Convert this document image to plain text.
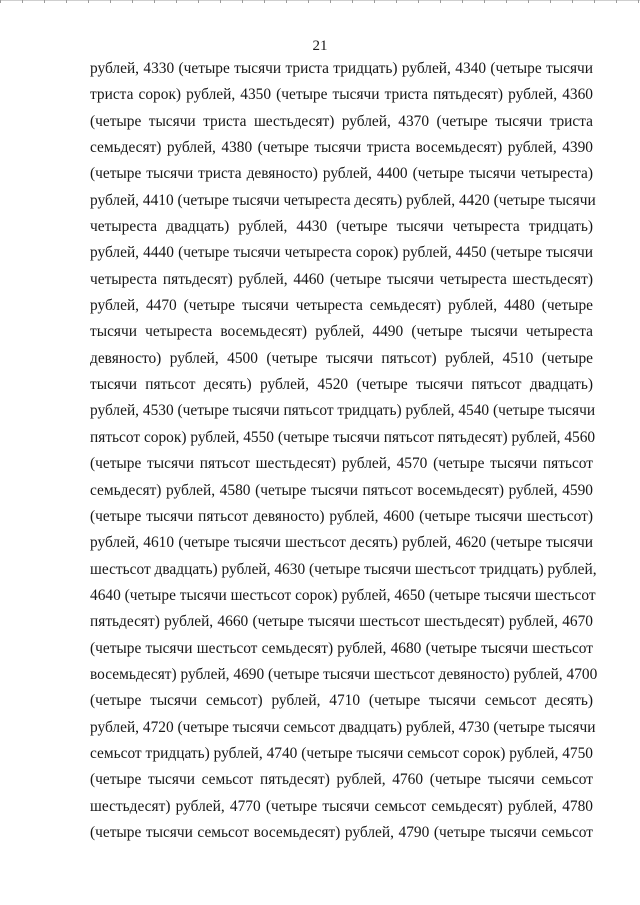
21
рублей, 4330 (четыре тысячи триста тридцать) рублей, 4340 (четыре тысячи
триста сорок) рублей, 4350 (четыре тысячи триста пятьдесят) рублей, 4360
(четыре тысячи триста шестьдесят) рублей, 4370 (четыре тысячи триста
семьдесят) рублей, 4380 (четыре тысячи триста восемьдесят) рублей, 4390
(четыре тысячи триста девяносто) рублей, 4400 (четыре тысячи четыреста)
рублей, 4410 (четыре тысячи четыреста десять) рублей, 4420 (четыре тысячи
четыреста двадцать) рублей, 4430 (четыре тысячи четыреста тридцать)
рублей, 4440 (четыре тысячи четыреста сорок) рублей, 4450 (четыре тысячи
четыреста пятьдесят) рублей, 4460 (четыре тысячи четыреста шестьдесят)
рублей, 4470 (четыре тысячи четыреста семьдесят) рублей, 4480 (четыре
тысячи четыреста восемьдесят) рублей, 4490 (четыре тысячи четыреста
девяносто) рублей, 4500 (четыре тысячи пятьсот) рублей, 4510 (четыре
тысячи пятьсот десять) рублей, 4520 (четыре тысячи пятьсот двадцать)
рублей, 4530 (четыре тысячи пятьсот тридцать) рублей, 4540 (четыре тысячи
пятьсот сорок) рублей, 4550 (четыре тысячи пятьсот пятьдесят) рублей, 4560
(четыре тысячи пятьсот шестьдесят) рублей, 4570 (четыре тысячи пятьсот
семьдесят) рублей, 4580 (четыре тысячи пятьсот восемьдесят) рублей, 4590
(четыре тысячи пятьсот девяносто) рублей, 4600 (четыре тысячи шестьсот)
рублей, 4610 (четыре тысячи шестьсот десять) рублей, 4620 (четыре тысячи
шестьсот двадцать) рублей, 4630 (четыре тысячи шестьсот тридцать) рублей,
4640 (четыре тысячи шестьсот сорок) рублей, 4650 (четыре тысячи шестьсот
пятьдесят) рублей, 4660 (четыре тысячи шестьсот шестьдесят) рублей, 4670
(четыре тысячи шестьсот семьдесят) рублей, 4680 (четыре тысячи шестьсот
восемьдесят) рублей, 4690 (четыре тысячи шестьсот девяносто) рублей, 4700
(четыре тысячи семьсот) рублей, 4710 (четыре тысячи семьсот десять)
рублей, 4720 (четыре тысячи семьсот двадцать) рублей, 4730 (четыре тысячи
семьсот тридцать) рублей, 4740 (четыре тысячи семьсот сорок) рублей, 4750
(четыре тысячи семьсот пятьдесят) рублей, 4760 (четыре тысячи семьсот
шестьдесят) рублей, 4770 (четыре тысячи семьсот семьдесят) рублей, 4780
(четыре тысячи семьсот восемьдесят) рублей, 4790 (четыре тысячи семьсот
